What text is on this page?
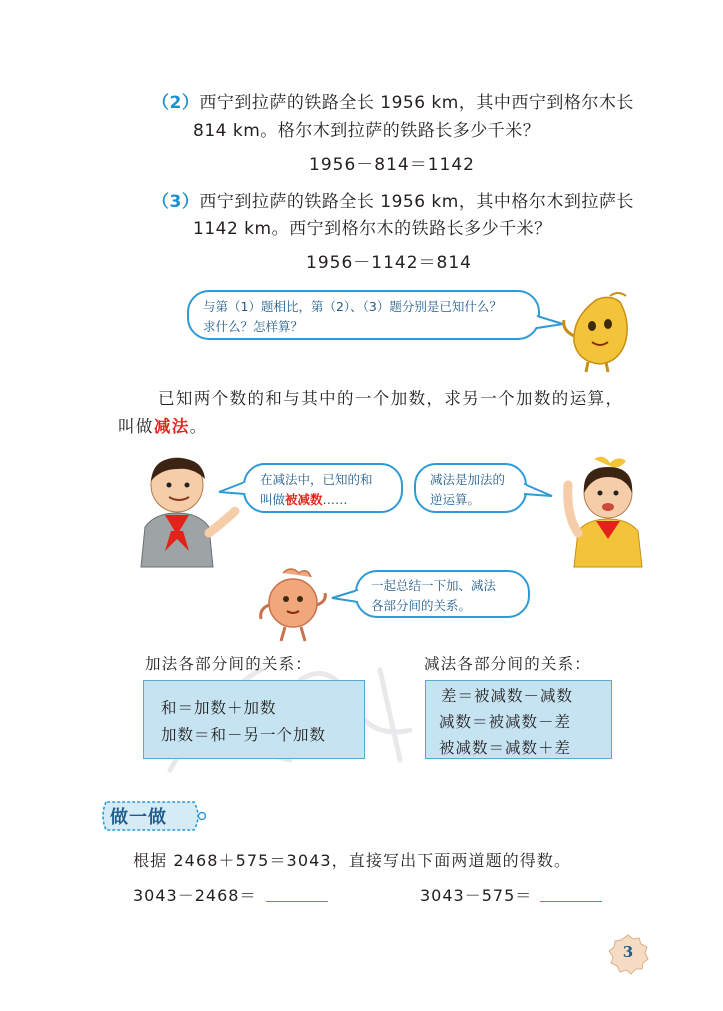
（2）西宁到拉萨的铁路全长 1956 km，其中西宁到格尔木长
814 km。格尔木到拉萨的铁路长多少千米？
1956－814＝1142
（3）西宁到拉萨的铁路全长 1956 km，其中格尔木到拉萨长
1142 km。西宁到格尔木的铁路长多少千米？
1956－1142＝814
与第（1）题相比，第（2）、（3）题分别是已知什么？
求什么？怎样算？
已知两个数的和与其中的一个加数，求另一个加数的运算，
叫做减法。
在减法中，已知的和
叫做被减数……
减法是加法的
逆运算。
一起总结一下加、减法
各部分间的关系。
加法各部分间的关系：
和＝加数＋加数
加数＝和－另一个加数
减法各部分间的关系：
差＝被减数－减数
减数＝被减数－差
被减数＝减数＋差
做一做
根据 2468＋575＝3043，直接写出下面两道题的得数。
3043－2468＝	3043－575＝
3
